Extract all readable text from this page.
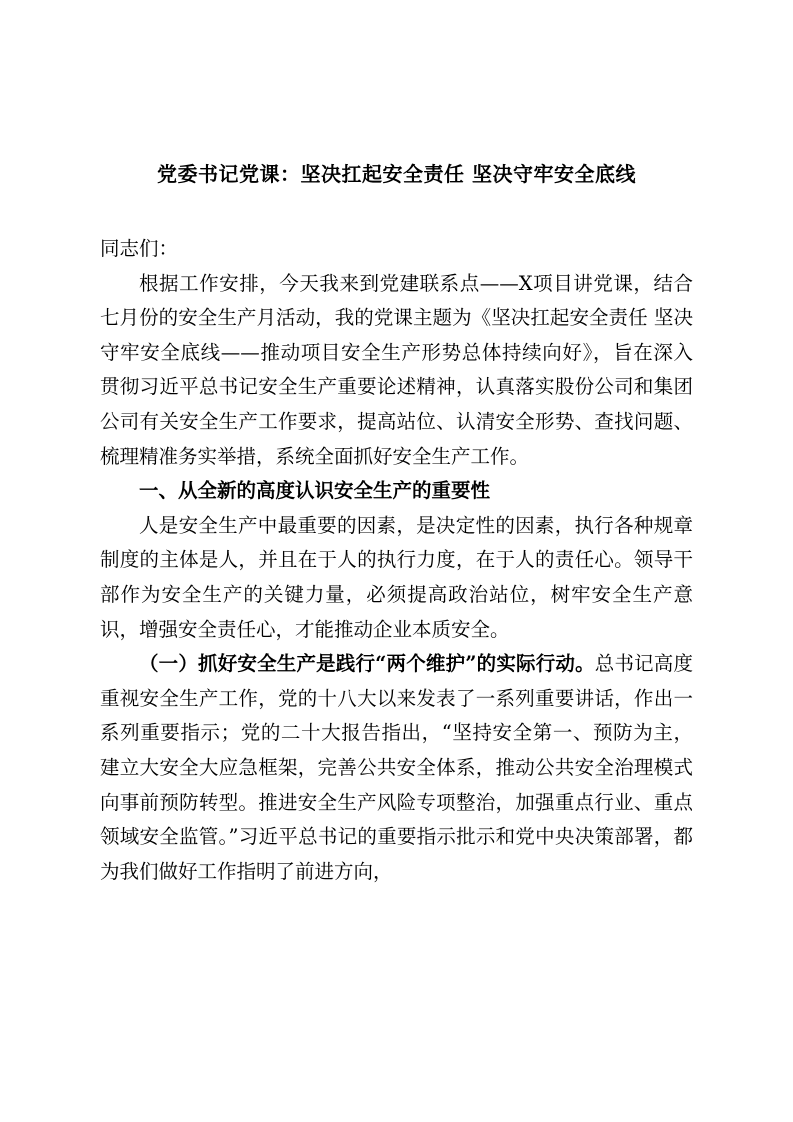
党委书记党课：坚决扛起安全责任 坚决守牢安全底线

同志们：

根据工作安排，今天我来到党建联系点——X项目讲党课，结合七月份的安全生产月活动，我的党课主题为《坚决扛起安全责任 坚决守牢安全底线——推动项目安全生产形势总体持续向好》，旨在深入贯彻习近平总书记安全生产重要论述精神，认真落实股份公司和集团公司有关安全生产工作要求，提高站位、认清安全形势、查找问题、梳理精准务实举措，系统全面抓好安全生产工作。

一、从全新的高度认识安全生产的重要性

人是安全生产中最重要的因素，是决定性的因素，执行各种规章制度的主体是人，并且在于人的执行力度，在于人的责任心。领导干部作为安全生产的关键力量，必须提高政治站位，树牢安全生产意识，增强安全责任心，才能推动企业本质安全。

（一）抓好安全生产是践行“两个维护”的实际行动。总书记高度重视安全生产工作，党的十八大以来发表了一系列重要讲话，作出一系列重要指示；党的二十大报告指出，“坚持安全第一、预防为主，建立大安全大应急框架，完善公共安全体系，推动公共安全治理模式向事前预防转型。推进安全生产风险专项整治，加强重点行业、重点领域安全监管。”习近平总书记的重要指示批示和党中央决策部署，都为我们做好工作指明了前进方向，
